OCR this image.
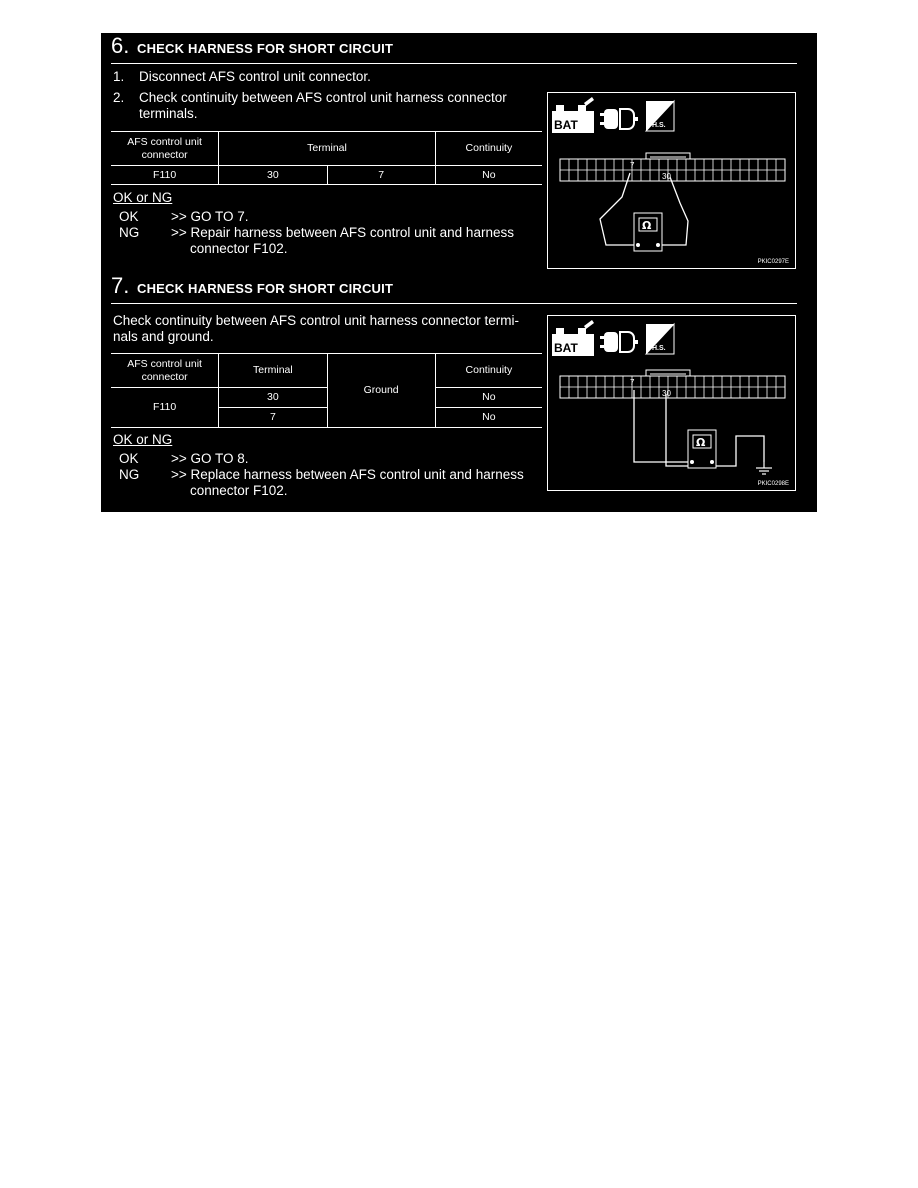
6. CHECK HARNESS FOR SHORT CIRCUIT
1. Disconnect AFS control unit connector.
2. Check continuity between AFS control unit harness connector
terminals.
AFS control unit connector	Terminal		Continuity
F110	30	7	No
OK or NG
OK >> GO TO 7.
NG >> Repair harness between AFS control unit and harness
connector F102.
BAT	H.S.
7
30
Ω
PKIC0297E
7. CHECK HARNESS FOR SHORT CIRCUIT
Check continuity between AFS control unit harness connector termi-
nals and ground.
AFS control unit connector	Terminal	Ground	Continuity
F110	30		No
	7		No
OK or NG
OK >> GO TO 8.
NG >> Replace harness between AFS control unit and harness
connector F102.
BAT	H.S.
7
30
Ω
PKIC0298E
